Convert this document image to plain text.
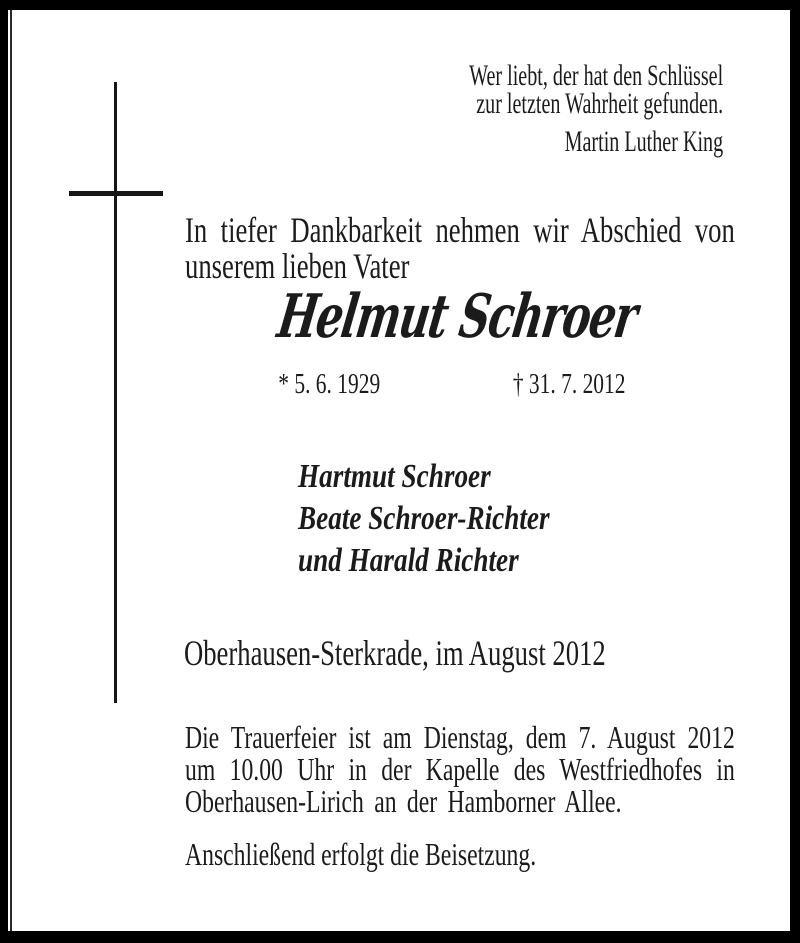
Wer liebt, der hat den Schlüssel
zur letzten Wahrheit gefunden.
Martin Luther King
In tiefer Dankbarkeit nehmen wir Abschied von
unserem lieben Vater
Helmut Schroer
* 5. 6. 1929	† 31. 7. 2012
Hartmut Schroer
Beate Schroer-Richter
und Harald Richter
Oberhausen-Sterkrade, im August 2012
Die Trauerfeier ist am Dienstag, dem 7. August 2012
um 10.00 Uhr in der Kapelle des Westfriedhofes in
Oberhausen-Lirich an der Hamborner Allee.
Anschließend erfolgt die Beisetzung.
